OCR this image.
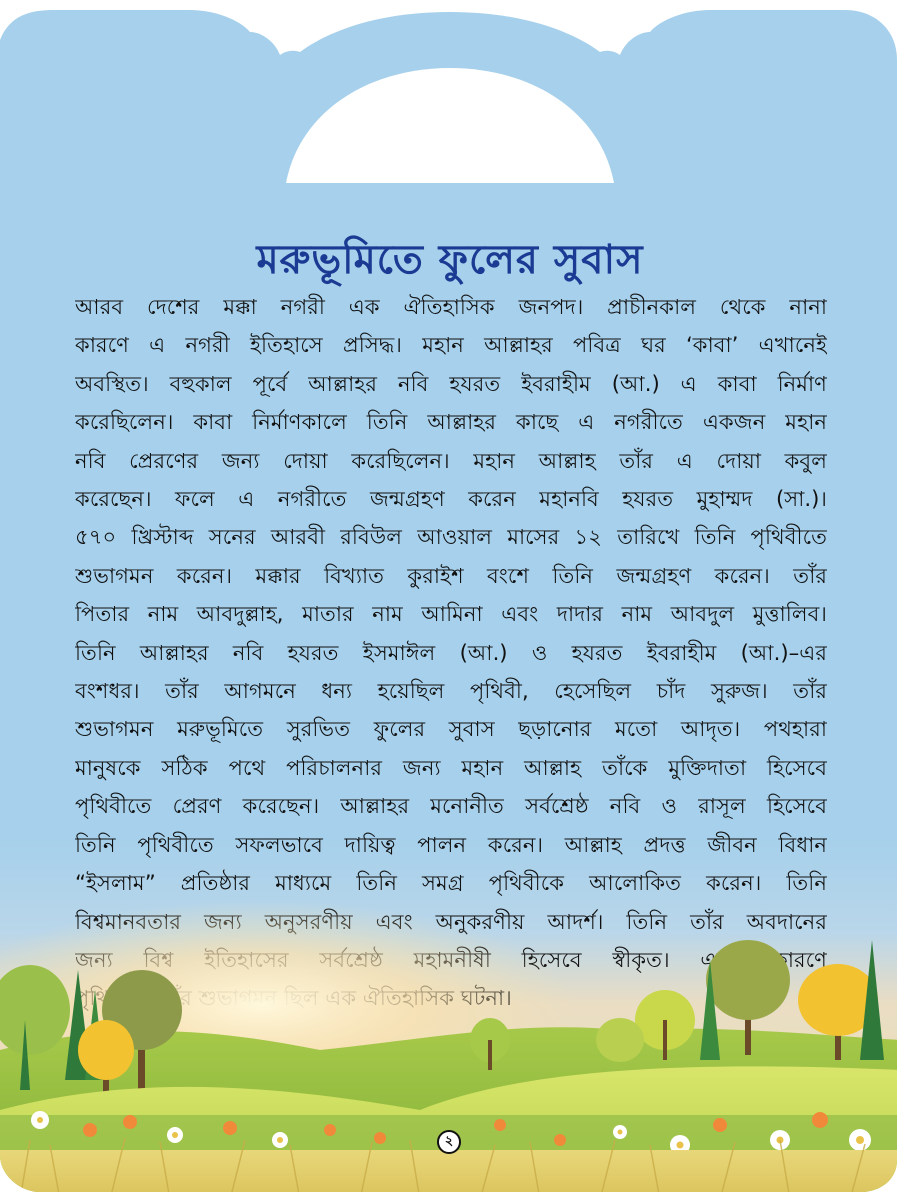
মরুভূমিতে ফুলের সুবাস
আরব দেশের মক্কা নগরী এক ঐতিহাসিক জনপদ। প্রাচীনকাল থেকে নানা
কারণে এ নগরী ইতিহাসে প্রসিদ্ধ। মহান আল্লাহর পবিত্র ঘর ‘কাবা’ এখানেই
অবস্থিত। বহুকাল পূর্বে আল্লাহর নবি হযরত ইবরাহীম (আ.) এ কাবা নির্মাণ
করেছিলেন। কাবা নির্মাণকালে তিনি আল্লাহর কাছে এ নগরীতে একজন মহান
নবি প্রেরণের জন্য দোয়া করেছিলেন। মহান আল্লাহ তাঁর এ দোয়া কবুল
করেছেন। ফলে এ নগরীতে জন্মগ্রহণ করেন মহানবি হযরত মুহাম্মদ (সা.)।
৫৭০ খ্রিস্টাব্দ সনের আরবী রবিউল আওয়াল মাসের ১২ তারিখে তিনি পৃথিবীতে
শুভাগমন করেন। মক্কার বিখ্যাত কুরাইশ বংশে তিনি জন্মগ্রহণ করেন। তাঁর
পিতার নাম আবদুল্লাহ, মাতার নাম আমিনা এবং দাদার নাম আবদুল মুত্তালিব।
তিনি আল্লাহর নবি হযরত ইসমাঈল (আ.) ও হযরত ইবরাহীম (আ.)–এর
বংশধর। তাঁর আগমনে ধন্য হয়েছিল পৃথিবী, হেসেছিল চাঁদ সুরুজ। তাঁর
শুভাগমন মরুভূমিতে সুরভিত ফুলের সুবাস ছড়ানোর মতো আদৃত। পথহারা
মানুষকে সঠিক পথে পরিচালনার জন্য মহান আল্লাহ তাঁকে মুক্তিদাতা হিসেবে
পৃথিবীতে প্রেরণ করেছেন। আল্লাহর মনোনীত সর্বশ্রেষ্ঠ নবি ও রাসূল হিসেবে
তিনি পৃথিবীতে সফলভাবে দায়িত্ব পালন করেন। আল্লাহ প্রদত্ত জীবন বিধান
“ইসলাম” প্রতিষ্ঠার মাধ্যমে তিনি সমগ্র পৃথিবীকে আলোকিত করেন। তিনি
২
